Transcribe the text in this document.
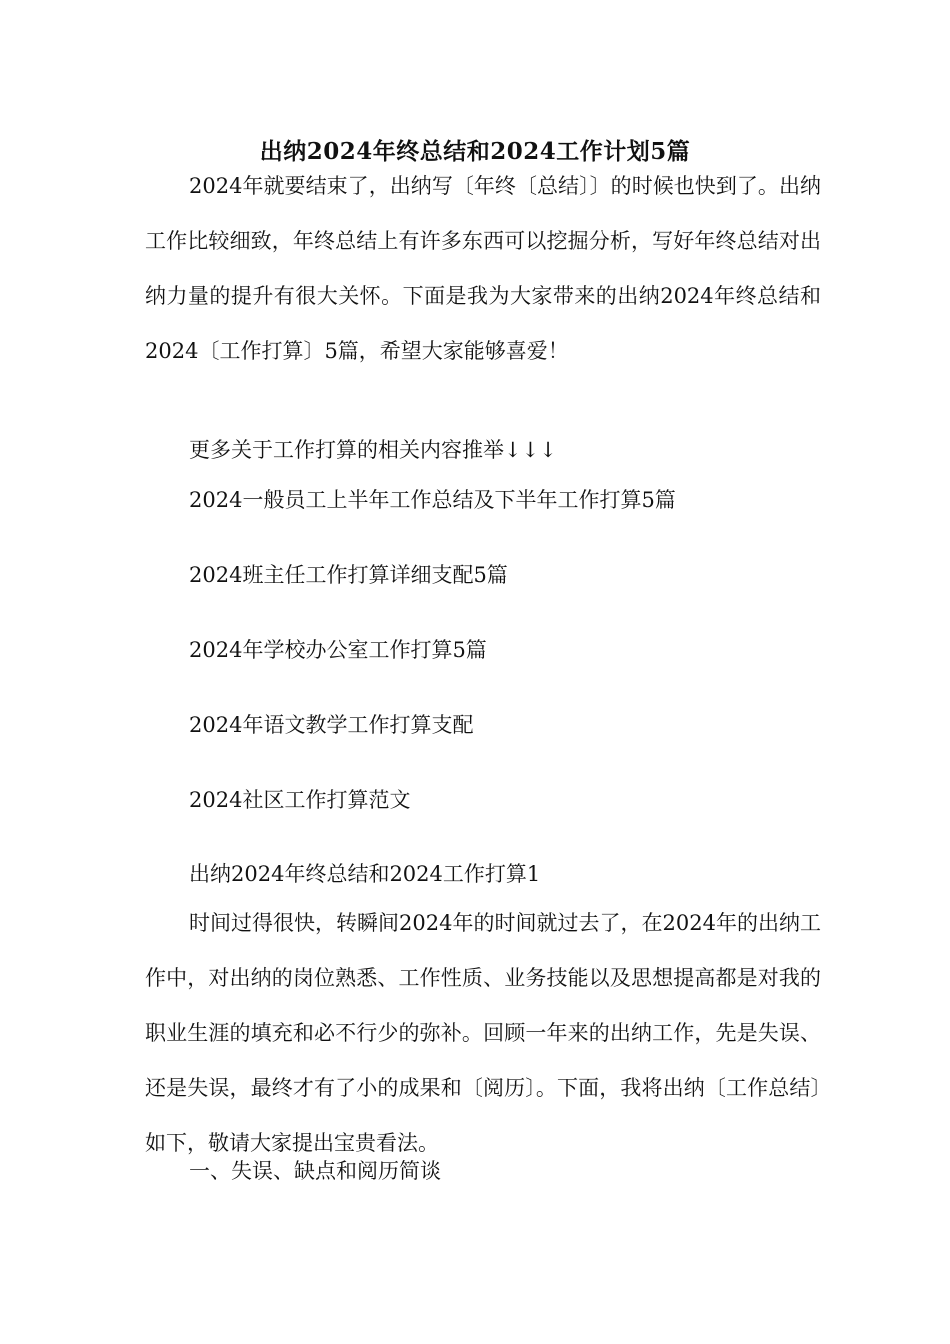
出纳2024年终总结和2024工作计划5篇
2024年就要结束了，出纳写〔年终〔总结〕〕的时候也快到了。出纳工作比较细致，年终总结上有许多东西可以挖掘分析，写好年终总结对出纳力量的提升有很大关怀。下面是我为大家带来的出纳2024年终总结和2024〔工作打算〕5篇，希望大家能够喜爱！
更多关于工作打算的相关内容推举↓↓↓
2024一般员工上半年工作总结及下半年工作打算5篇
2024班主任工作打算详细支配5篇
2024年学校办公室工作打算5篇
2024年语文教学工作打算支配
2024社区工作打算范文
出纳2024年终总结和2024工作打算1
时间过得很快，转瞬间2024年的时间就过去了，在2024年的出纳工作中，对出纳的岗位熟悉、工作性质、业务技能以及思想提高都是对我的职业生涯的填充和必不行少的弥补。回顾一年来的出纳工作，先是失误、还是失误，最终才有了小的成果和〔阅历〕。下面，我将出纳〔工作总结〕如下，敬请大家提出宝贵看法。
一、失误、缺点和阅历简谈
